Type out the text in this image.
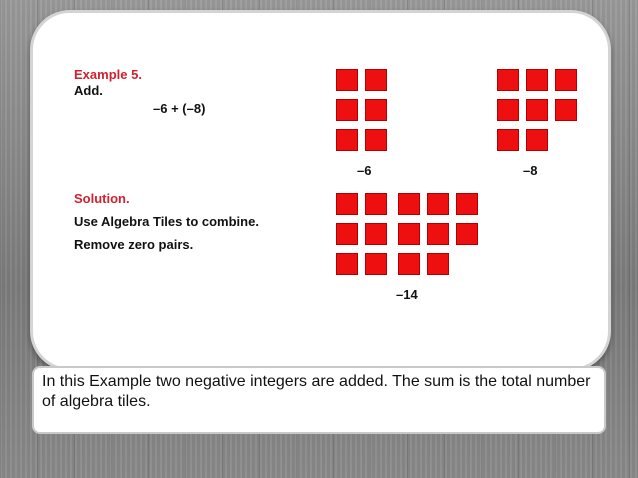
Example 5.
Add.
–6 + (–8)
Solution.
Use Algebra Tiles to combine.
Remove zero pairs.
–6	–8
–14
In this Example two negative integers are added. The sum is the total number of algebra tiles.
